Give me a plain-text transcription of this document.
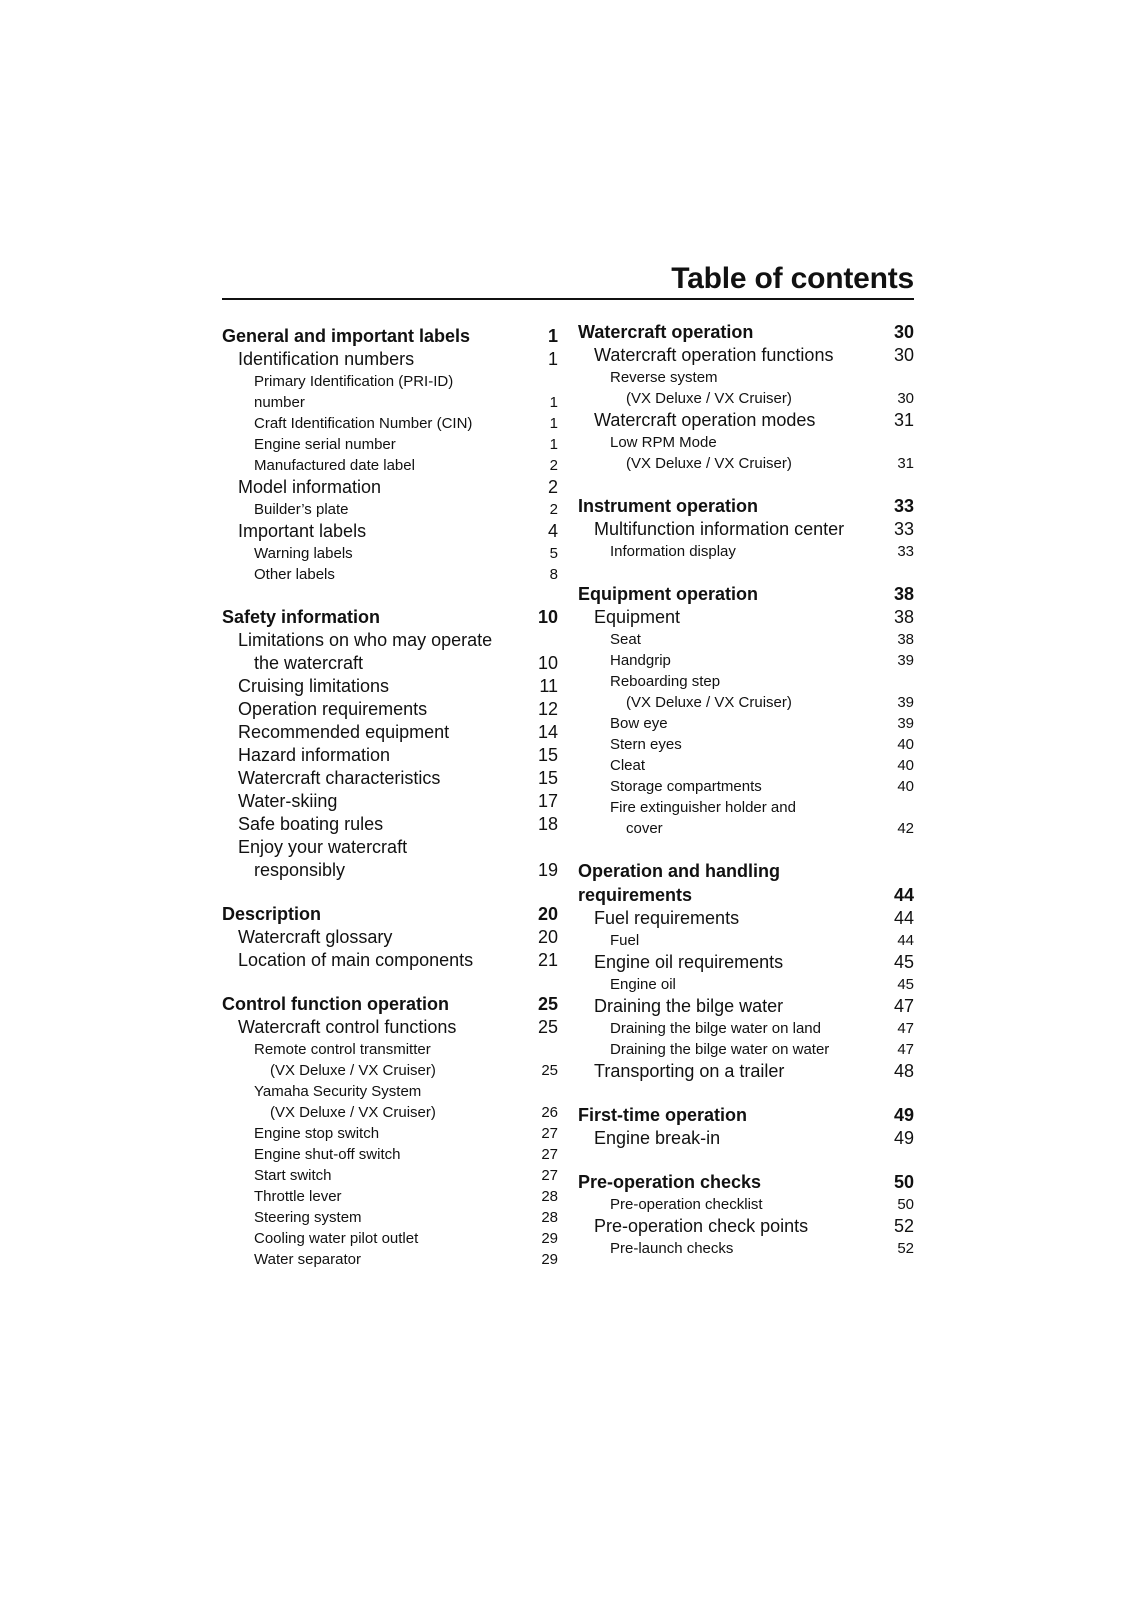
Table of contents
General and important labels	1
Identification numbers	1
Primary Identification (PRI-ID)
number	1
Craft Identification Number (CIN)	1
Engine serial number	1
Manufactured date label	2
Model information	2
Builder’s plate	2
Important labels	4
Warning labels	5
Other labels	8
Safety information	10
Limitations on who may operate
the watercraft	10
Cruising limitations	11
Operation requirements	12
Recommended equipment	14
Hazard information	15
Watercraft characteristics	15
Water-skiing	17
Safe boating rules	18
Enjoy your watercraft
responsibly	19
Description	20
Watercraft glossary	20
Location of main components	21
Control function operation	25
Watercraft control functions	25
Remote control transmitter
(VX Deluxe / VX Cruiser)	25
Yamaha Security System
(VX Deluxe / VX Cruiser)	26
Engine stop switch	27
Engine shut-off switch	27
Start switch	27
Throttle lever	28
Steering system	28
Cooling water pilot outlet	29
Water separator	29
Watercraft operation	30
Watercraft operation functions	30
Reverse system
(VX Deluxe / VX Cruiser)	30
Watercraft operation modes	31
Low RPM Mode
(VX Deluxe / VX Cruiser)	31
Instrument operation	33
Multifunction information center	33
Information display	33
Equipment operation	38
Equipment	38
Seat	38
Handgrip	39
Reboarding step
(VX Deluxe / VX Cruiser)	39
Bow eye	39
Stern eyes	40
Cleat	40
Storage compartments	40
Fire extinguisher holder and
cover	42
Operation and handling
requirements	44
Fuel requirements	44
Fuel	44
Engine oil requirements	45
Engine oil	45
Draining the bilge water	47
Draining the bilge water on land	47
Draining the bilge water on water	47
Transporting on a trailer	48
First-time operation	49
Engine break-in	49
Pre-operation checks	50
Pre-operation checklist	50
Pre-operation check points	52
Pre-launch checks	52
